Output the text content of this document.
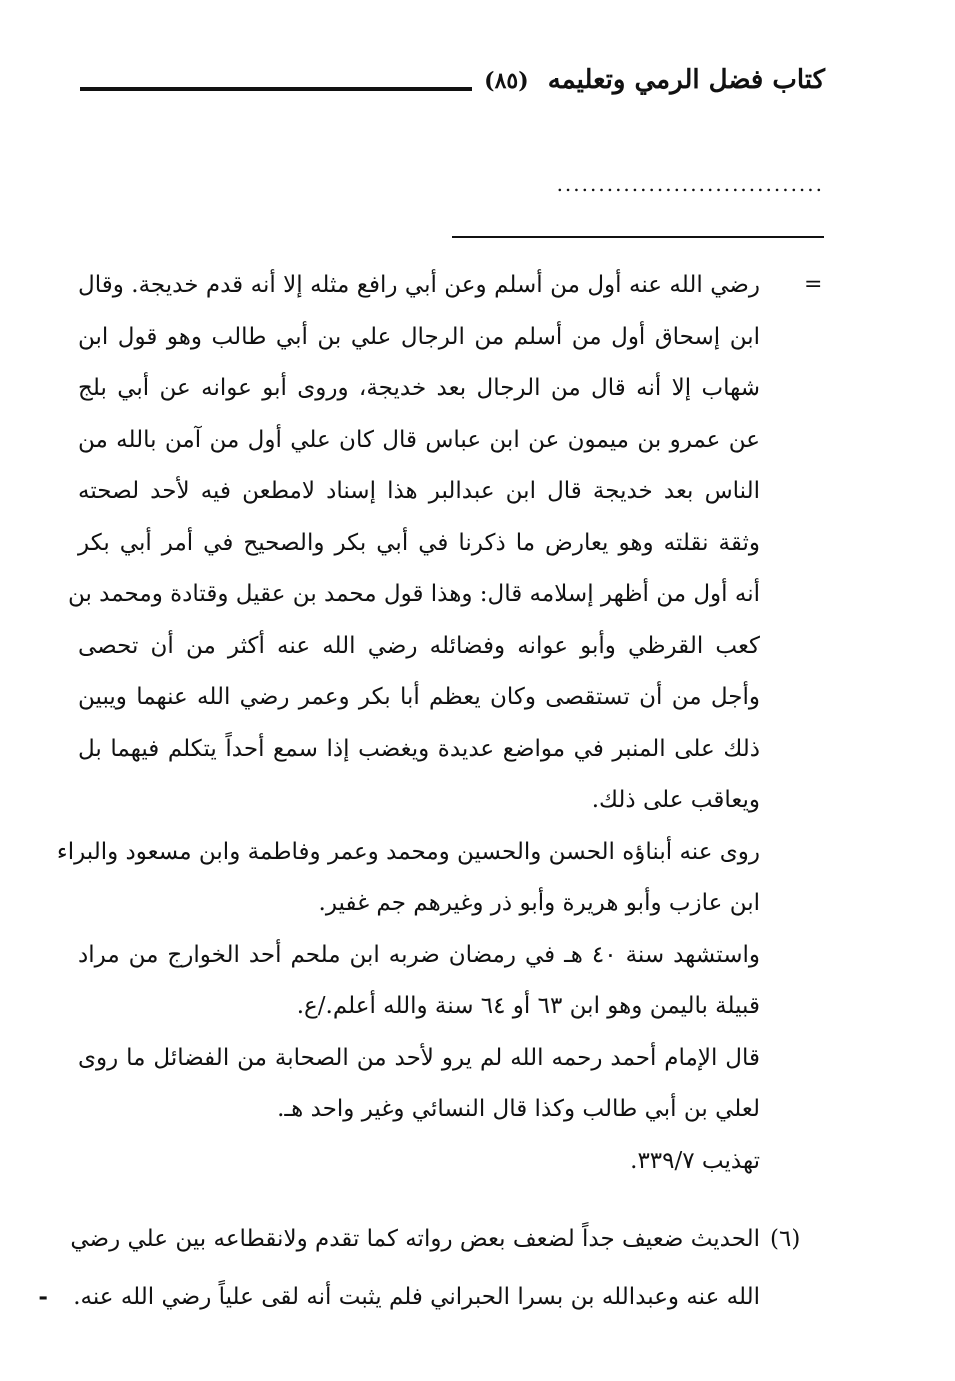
كتاب فضل الرمي وتعليمه (٨٥)
................................
=
رضي الله عنه أول من أسلم وعن أبي رافع مثله إلا أنه قدم خديجة. وقال
ابن إسحاق أول من أسلم من الرجال علي بن أبي طالب وهو قول ابن
شهاب إلا أنه قال من الرجال بعد خديجة، وروى أبو عوانه عن أبي بلج
عن عمرو بن ميمون عن ابن عباس قال كان علي أول من آمن بالله من
الناس بعد خديجة قال ابن عبدالبر هذا إسناد لامطعن فيه لأحد لصحته
وثقة نقلته وهو يعارض ما ذكرنا في أبي بكر والصحيح في أمر أبي بكر
أنه أول من أظهر إسلامه قال: وهذا قول محمد بن عقيل وقتادة ومحمد بن
كعب القرظي وأبو عوانه وفضائله رضي الله عنه أكثر من أن تحصى
وأجل من أن تستقصى وكان يعظم أبا بكر وعمر رضي الله عنهما ويبين
ذلك على المنبر في مواضع عديدة ويغضب إذا سمع أحداً يتكلم فيهما بل
ويعاقب على ذلك.
روى عنه أبناؤه الحسن والحسين ومحمد وعمر وفاطمة وابن مسعود والبراء
ابن عازب وأبو هريرة وأبو ذر وغيرهم جم غفير.
واستشهد سنة ٤٠ هـ في رمضان ضربه ابن ملحم أحد الخوارج من مراد
قبيلة باليمن وهو ابن ٦٣ أو ٦٤ سنة والله أعلم./ع.
قال الإمام أحمد رحمه الله لم يرو لأحد من الصحابة من الفضائل ما روى
لعلي بن أبي طالب وكذا قال النسائي وغير واحد هـ.
تهذيب ٣٣٩/٧.
(٦)
الحديث ضعيف جداً لضعف بعض رواته كما تقدم ولانقطاعه بين علي رضي
الله عنه وعبدالله بن بسرا الحبراني فلم يثبت أنه لقى علياً رضي الله عنه. -
